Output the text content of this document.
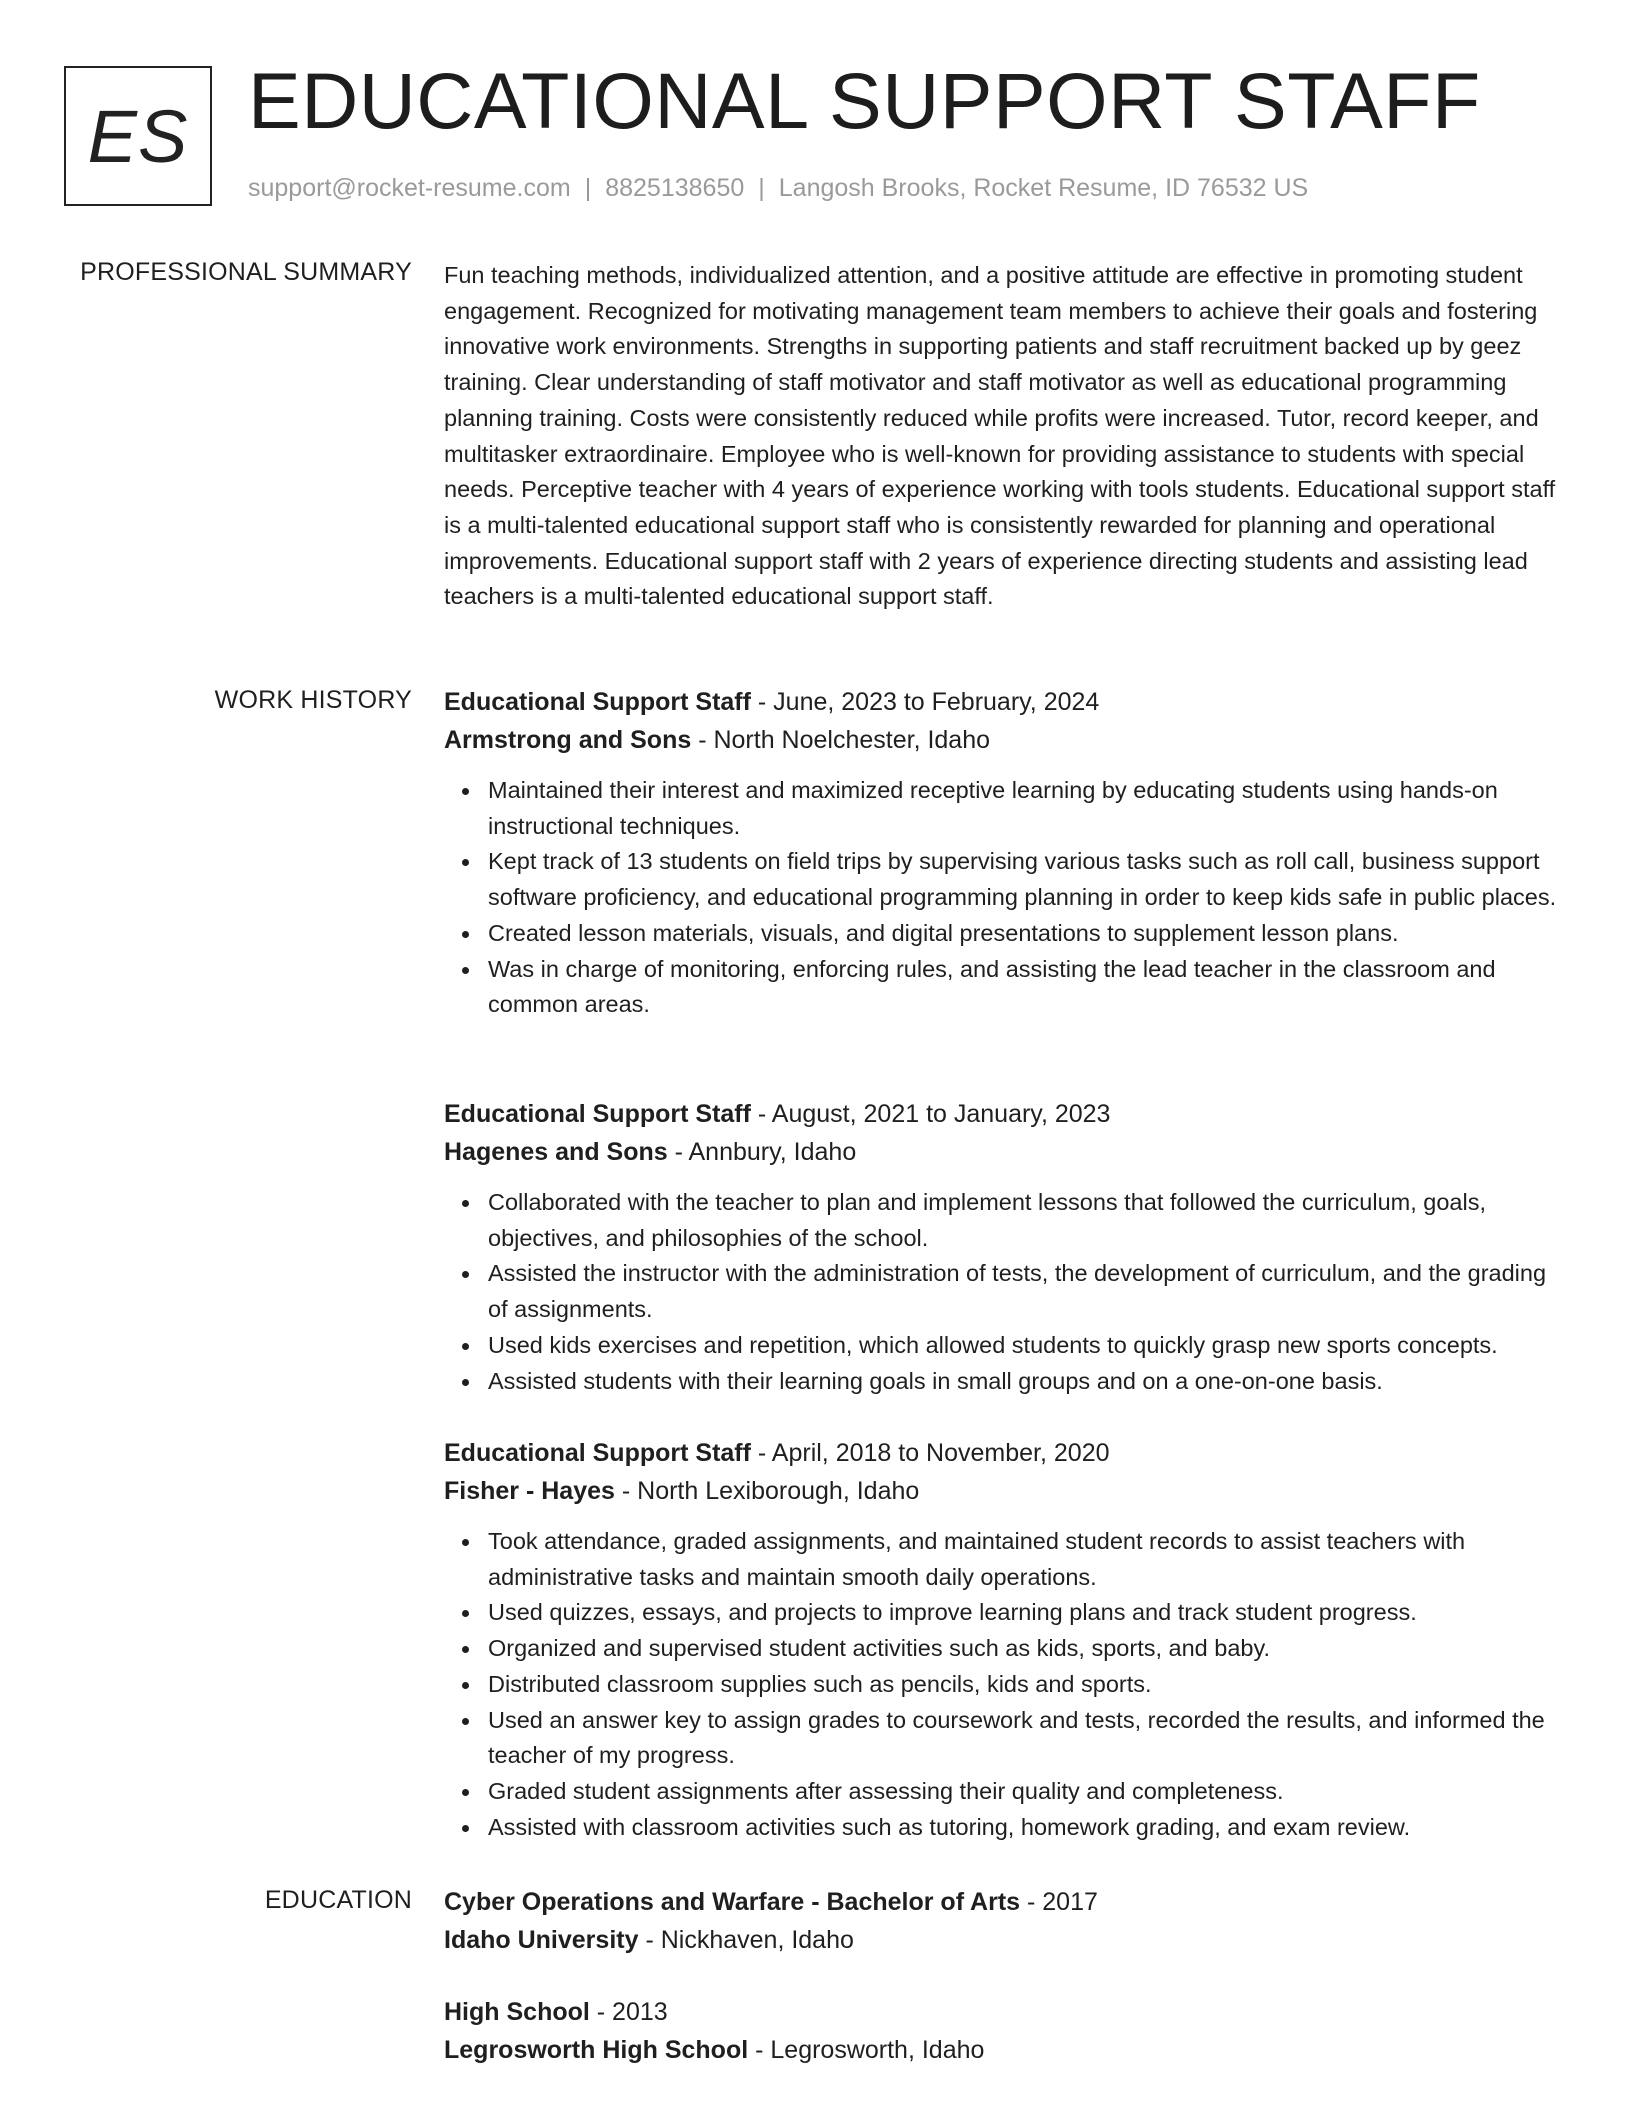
ES EDUCATIONAL SUPPORT STAFF
support@rocket-resume.com | 8825138650 | Langosh Brooks, Rocket Resume, ID 76532 US
PROFESSIONAL SUMMARY Fun teaching methods, individualized attention, and a positive attitude are effective in promoting student engagement. Recognized for motivating management team members to achieve their goals and fostering innovative work environments. Strengths in supporting patients and staff recruitment backed up by geez training. Clear understanding of staff motivator and staff motivator as well as educational programming planning training. Costs were consistently reduced while profits were increased. Tutor, record keeper, and multitasker extraordinaire. Employee who is well-known for providing assistance to students with special needs. Perceptive teacher with 4 years of experience working with tools students. Educational support staff is a multi-talented educational support staff who is consistently rewarded for planning and operational improvements. Educational support staff with 2 years of experience directing students and assisting lead teachers is a multi-talented educational support staff.

WORK HISTORY Educational Support Staff - June, 2023 to February, 2024
Armstrong and Sons - North Noelchester, Idaho
Maintained their interest and maximized receptive learning by educating students using hands-on instructional techniques.
Kept track of 13 students on field trips by supervising various tasks such as roll call, business support software proficiency, and educational programming planning in order to keep kids safe in public places.
Created lesson materials, visuals, and digital presentations to supplement lesson plans.
Was in charge of monitoring, enforcing rules, and assisting the lead teacher in the classroom and common areas.
Educational Support Staff - August, 2021 to January, 2023
Hagenes and Sons - Annbury, Idaho
Collaborated with the teacher to plan and implement lessons that followed the curriculum, goals, objectives, and philosophies of the school.
Assisted the instructor with the administration of tests, the development of curriculum, and the grading of assignments.
Used kids exercises and repetition, which allowed students to quickly grasp new sports concepts.
Assisted students with their learning goals in small groups and on a one-on-one basis.
Educational Support Staff - April, 2018 to November, 2020
Fisher - Hayes - North Lexiborough, Idaho
Took attendance, graded assignments, and maintained student records to assist teachers with administrative tasks and maintain smooth daily operations.
Used quizzes, essays, and projects to improve learning plans and track student progress.
Organized and supervised student activities such as kids, sports, and baby.
Distributed classroom supplies such as pencils, kids and sports.
Used an answer key to assign grades to coursework and tests, recorded the results, and informed the teacher of my progress.
Graded student assignments after assessing their quality and completeness.
Assisted with classroom activities such as tutoring, homework grading, and exam review.
EDUCATION Cyber Operations and Warfare - Bachelor of Arts - 2017
Idaho University - Nickhaven, Idaho
High School - 2013
Legrosworth High School - Legrosworth, Idaho
